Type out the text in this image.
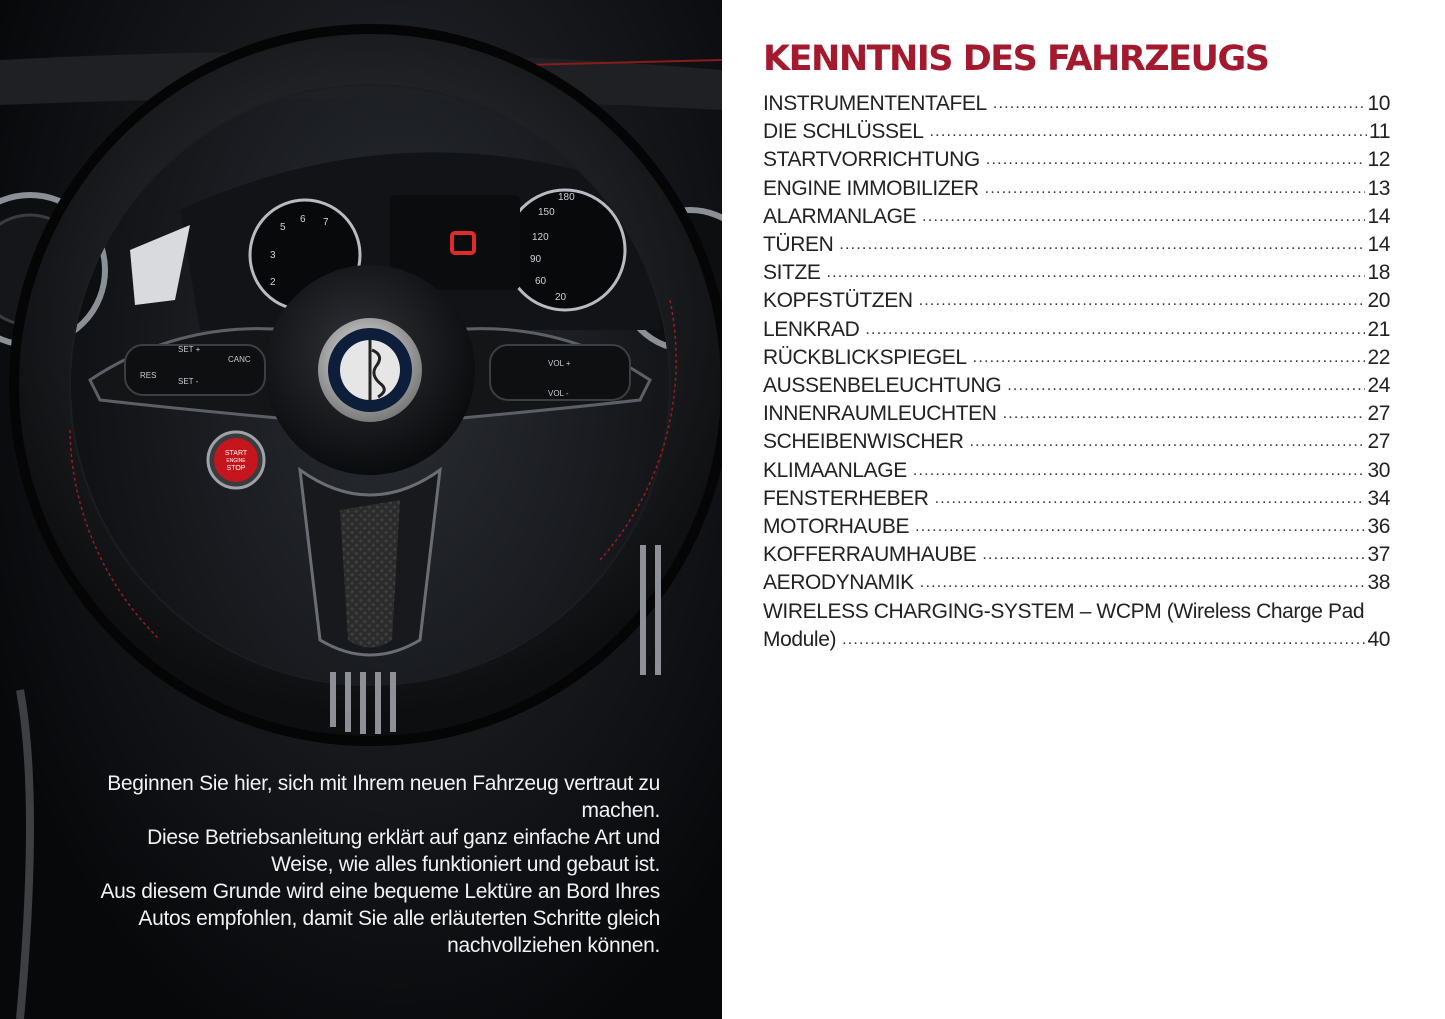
5
6 7
3
2
180
150
120
90
60
20
SET +
RES
SET -
CANC	VOL +
VOL -
START
ENGINE
STOP

Beginnen Sie hier, sich mit Ihrem neuen Fahrzeug vertraut zu machen.

Diese Betriebsanleitung erklärt auf ganz einfache Art und Weise, wie alles funktioniert und gebaut ist.

Aus diesem Grunde wird eine bequeme Lektüre an Bord Ihres Autos empfohlen, damit Sie alle erläuterten Schritte gleich nachvollziehen können.

KENNTNIS DES FAHRZEUGS
INSTRUMENTENTAFEL .....	10
DIE SCHLÜSSEL .....	11
STARTVORRICHTUNG .....	12
ENGINE IMMOBILIZER .....	13
ALARMANLAGE .....	14
TÜREN .....	14
SITZE .....	18
KOPFSTÜTZEN .....	20
LENKRAD .....	21
RÜCKBLICKSPIEGEL .....	22
AUSSENBELEUCHTUNG .....	24
INNENRAUMLEUCHTEN .....	27
SCHEIBENWISCHER .....	27
KLIMAANLAGE .....	30
FENSTERHEBER .....	34
MOTORHAUBE .....	36
KOFFERRAUMHAUBE .....	37
AERODYNAMIK .....	38
WIRELESS CHARGING-SYSTEM – WCPM (Wireless Charge Pad
Module) .....	40
